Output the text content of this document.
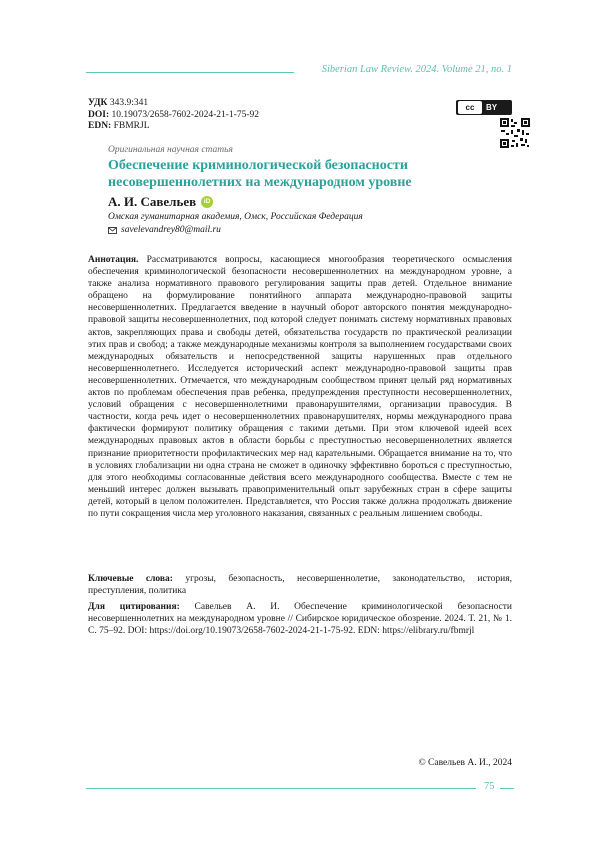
Siberian Law Review. 2024. Volume 21, no. 1
УДК 343.9:341
DOI: 10.19073/2658-7602-2024-21-1-75-92
EDN: FBMRJL
cc	BY
Оригинальная научная статья
Обеспечение криминологической безопасности несовершеннолетних на международном уровне
А. И. Савельев	iD
Омская гуманитарная академия, Омск, Российская Федерация
savelevandrey80@mail.ru
Аннотация. Рассматриваются вопросы, касающиеся многообразия теоретического осмысления обеспечения криминологической безопасности несовершеннолетних на международном уровне, а также анализа нормативного правового регулирования защиты прав детей. Отдельное внимание обращено на формулирование понятийного аппарата международно-правовой защиты несовершеннолетних. Предлагается введение в научный оборот авторского понятия международно-правовой защиты несовершеннолетних, под которой следует понимать систему нормативных правовых актов, закрепляющих права и свободы детей, обязательства государств по практической реализации этих прав и свобод; а также международные механизмы контроля за выполнением государствами своих международных обязательств и непосредственной защиты нарушенных прав отдельного несовершеннолетнего. Исследуется исторический аспект международно-правовой защиты прав несовершеннолетних. Отмечается, что международным сообществом принят целый ряд нормативных актов по проблемам обеспечения прав ребенка, предупреждения преступности несовершеннолетних, условий обращения с несовершеннолетними правонарушителями, организации правосудия. В частности, когда речь идет о несовершеннолетних правонарушителях, нормы международного права фактически формируют политику обращения с такими детьми. При этом ключевой идеей всех международных правовых актов в области борьбы с преступностью несовершеннолетних является признание приоритетности профилактических мер над карательными. Обращается внимание на то, что в условиях глобализации ни одна страна не сможет в одиночку эффективно бороться с преступностью, для этого необходимы согласованные действия всего международного сообщества. Вместе с тем не меньший интерес должен вызывать правоприменительный опыт зарубежных стран в сфере защиты детей, который в целом положителен. Представляется, что Россия также должна продолжать движение по пути сокращения числа мер уголовного наказания, связанных с реальным лишением свободы.
Ключевые слова: угрозы, безопасность, несовершеннолетие, законодательство, история, преступления, политика
Для цитирования: Савельев А. И. Обеспечение криминологической безопасности несовершеннолетних на международном уровне // Сибирское юридическое обозрение. 2024. Т. 21, № 1. С. 75–92. DOI: https://doi.org/10.19073/2658-7602-2024-21-1-75-92. EDN: https://elibrary.ru/fbmrjl
© Савельев А. И., 2024
75
